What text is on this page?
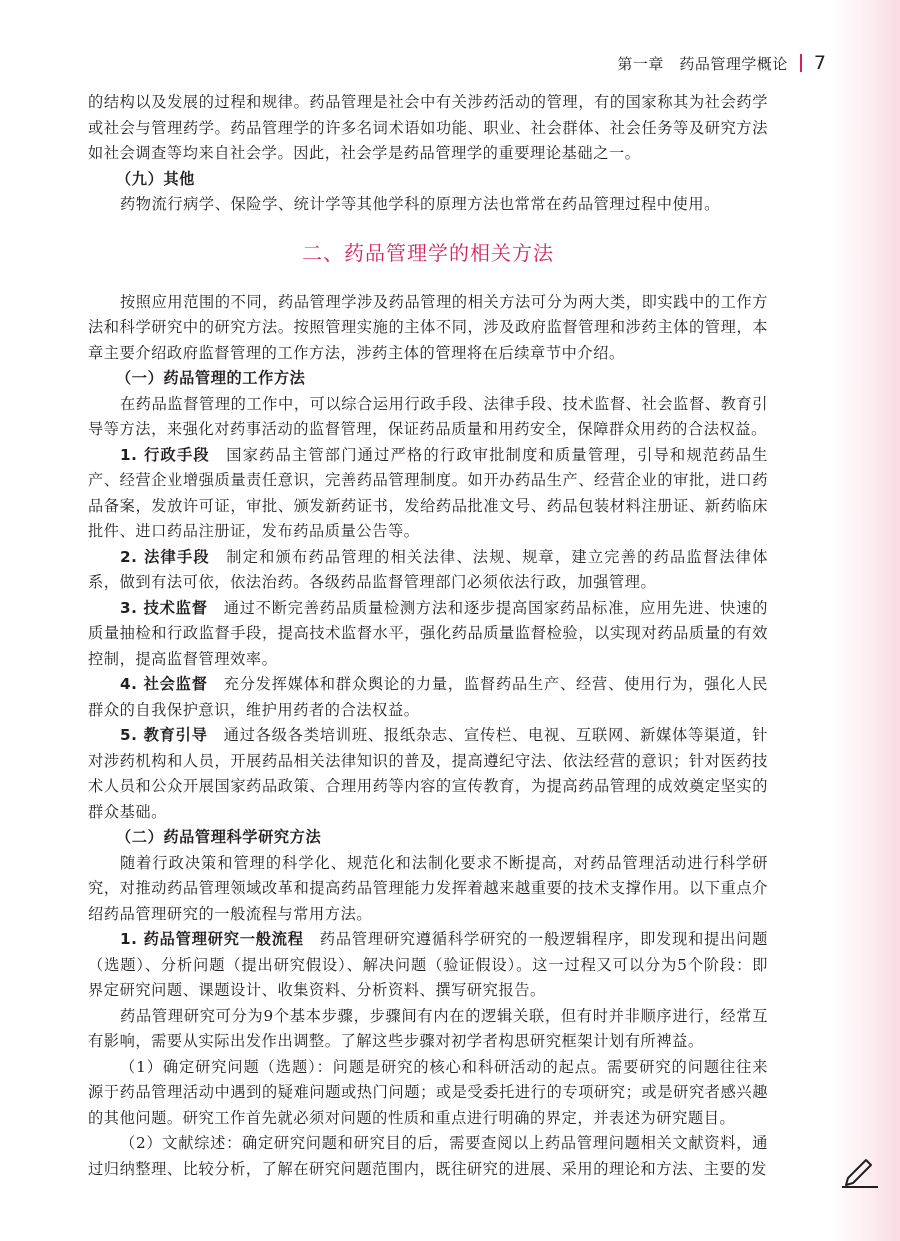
第一章　药品管理学概论 7

的结构以及发展的过程和规律。药品管理是社会中有关涉药活动的管理，有的国家称其为社会药学或社会与管理药学。药品管理学的许多名词术语如功能、职业、社会群体、社会任务等及研究方法如社会调查等均来自社会学。因此，社会学是药品管理学的重要理论基础之一。

（九）其他

药物流行病学、保险学、统计学等其他学科的原理方法也常常在药品管理过程中使用。

二、药品管理学的相关方法

按照应用范围的不同，药品管理学涉及药品管理的相关方法可分为两大类，即实践中的工作方法和科学研究中的研究方法。按照管理实施的主体不同，涉及政府监督管理和涉药主体的管理，本章主要介绍政府监督管理的工作方法，涉药主体的管理将在后续章节中介绍。

（一）药品管理的工作方法

在药品监督管理的工作中，可以综合运用行政手段、法律手段、技术监督、社会监督、教育引导等方法，来强化对药事活动的监督管理，保证药品质量和用药安全，保障群众用药的合法权益。

1. 行政手段　 国家药品主管部门通过严格的行政审批制度和质量管理，引导和规范药品生产、经营企业增强质量责任意识，完善药品管理制度。如开办药品生产、经营企业的审批，进口药品备案，发放许可证，审批、颁发新药证书，发给药品批准文号、药品包装材料注册证、新药临床批件、进口药品注册证，发布药品质量公告等。

2. 法律手段　 制定和颁布药品管理的相关法律、法规、规章，建立完善的药品监督法律体系，做到有法可依，依法治药。各级药品监督管理部门必须依法行政，加强管理。

3. 技术监督　 通过不断完善药品质量检测方法和逐步提高国家药品标准，应用先进、快速的质量抽检和行政监督手段，提高技术监督水平，强化药品质量监督检验，以实现对药品质量的有效控制，提高监督管理效率。

4. 社会监督　 充分发挥媒体和群众舆论的力量，监督药品生产、经营、使用行为，强化人民群众的自我保护意识，维护用药者的合法权益。

5. 教育引导　 通过各级各类培训班、报纸杂志、宣传栏、电视、互联网、新媒体等渠道，针对涉药机构和人员，开展药品相关法律知识的普及，提高遵纪守法、依法经营的意识；针对医药技术人员和公众开展国家药品政策、合理用药等内容的宣传教育，为提高药品管理的成效奠定坚实的群众基础。

（二）药品管理科学研究方法

随着行政决策和管理的科学化、规范化和法制化要求不断提高，对药品管理活动进行科学研究，对推动药品管理领域改革和提高药品管理能力发挥着越来越重要的技术支撑作用。以下重点介绍药品管理研究的一般流程与常用方法。

1. 药品管理研究一般流程　 药品管理研究遵循科学研究的一般逻辑程序，即发现和提出问题（选题）、分析问题（提出研究假设）、解决问题（验证假设）。这一过程又可以分为5个阶段：即界定研究问题、课题设计、收集资料、分析资料、撰写研究报告。

药品管理研究可分为9个基本步骤，步骤间有内在的逻辑关联，但有时并非顺序进行，经常互有影响，需要从实际出发作出调整。了解这些步骤对初学者构思研究框架计划有所裨益。

（1）确定研究问题（选题）：问题是研究的核心和科研活动的起点。需要研究的问题往往来源于药品管理活动中遇到的疑难问题或热门问题；或是受委托进行的专项研究；或是研究者感兴趣的其他问题。研究工作首先就必须对问题的性质和重点进行明确的界定，并表述为研究题目。

（2）文献综述：确定研究问题和研究目的后，需要查阅以上药品管理问题相关文献资料，通过归纳整理、比较分析，了解在研究问题范围内，既往研究的进展、采用的理论和方法、主要的发
